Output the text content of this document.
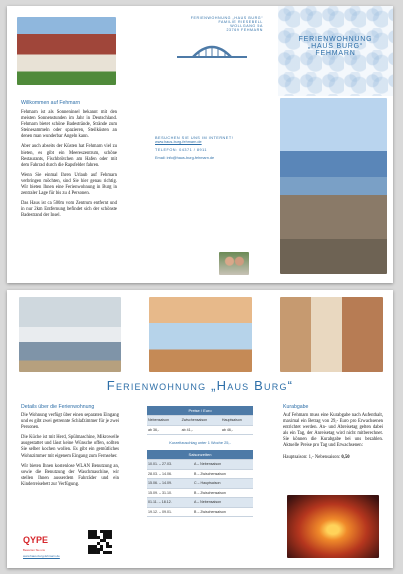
Willkommen auf Fehmarn

Fehmarn ist als Sonneninsel bekannt mit den meisten Sonnenstunden im Jahr in Deutschland. Fehmarn bietet schöne Badestrände, Strände zum Steinesammeln oder spazieren, Steilküsten an denen man wunderbar Angeln kann.

Aber auch abseits der Küsten hat Fehmarn viel zu bieten, es gibt ein Meereszentrum, schöne Restaurants, Fischbrötchen am Hafen oder mit dem Fahrrad durch die Rapsfelder fahren.

Wenn Sie einmal Ihren Urlaub auf Fehmarn verbringen möchten, sind Sie hier genau richtig. Wir bieten Ihnen eine Ferienwohnung in Burg in zentraler Lage für bis zu 4 Personen.

Das Haus ist ca 500m vom Zentrum entfernt und in nur 2km Entfernung befindet sich der schönste Badestrand der Insel.

FERIENWOHNUNG „HAUS BURG“
FAMILIE RIESEBELL
WOLLGANG 5A
23769 FEHMARN
BESUCHEN SIE UNS IM INTERNET!
www.haus-burg-fehmarn.de
TELEFON: 04371 / 8911
Email: info@haus-burg-fehmarn.de
FERIENWOHNUNG
„HAUS BURG“
FEHMARN
Ferienwohnung „Haus Burg“
Details über die Ferienwohnung

Die Wohnung verfügt über einen separaten Eingang und es gibt zwei getrennte Schlafzimmer für je zwei Personen.

Die Küche ist mit Herd, Spülmaschine, Mikrowelle ausgestattet und lässt keine Wünsche offen, sollten Sie selber kochen wollen. Es gibt ein gemütliches Wohnzimmer mit eigenem Eingang zum Fernseher.

Wir bieten Ihnen kostenlose WLAN Benutzung an, sowie die Benutzung der Waschmaschine, wir stellen Ihnen ausserdem Fahrräder und ein Kinderreisebett zur Verfügung.

QYPE
Bewerten Sie uns
www.haus-burg-fehmarn.de
Preise / Euro		
Nebensaison	Zwischensaison	Hauptsaison
ab 36,-	ab 41,-	ab 46,-
Kurzeitzuschlag unter 1 Woche 25,-
Saisonzeiten	
10.01. – 27.03.	A – Nebensaison
28.03. – 14.06.	B – Zwischensaison
15.06. – 14.09.	C – Hauptsaison
15.09. – 31.10.	B – Zwischensaison
01.11. – 18.12.	A – Nebensaison
19.12. – 09.01.	B – Zwischensaison
Kurabgabe

Auf Fehmarn muss eine Kurabgabe nach Aufenthalt, maximal ein Betrag von 29,- Euro pro Erwachsenen entrichtet werden. An- und Abreisetag gelten dabei als ein Tag, der Anreisetag wird nicht mitberechnet. Sie können die Kurabgabe bei uns bezahlen. Aktuelle Preise pro Tag und Erwachsenen:

Hauptsaison: 1,- Nebensaison: 0,50
